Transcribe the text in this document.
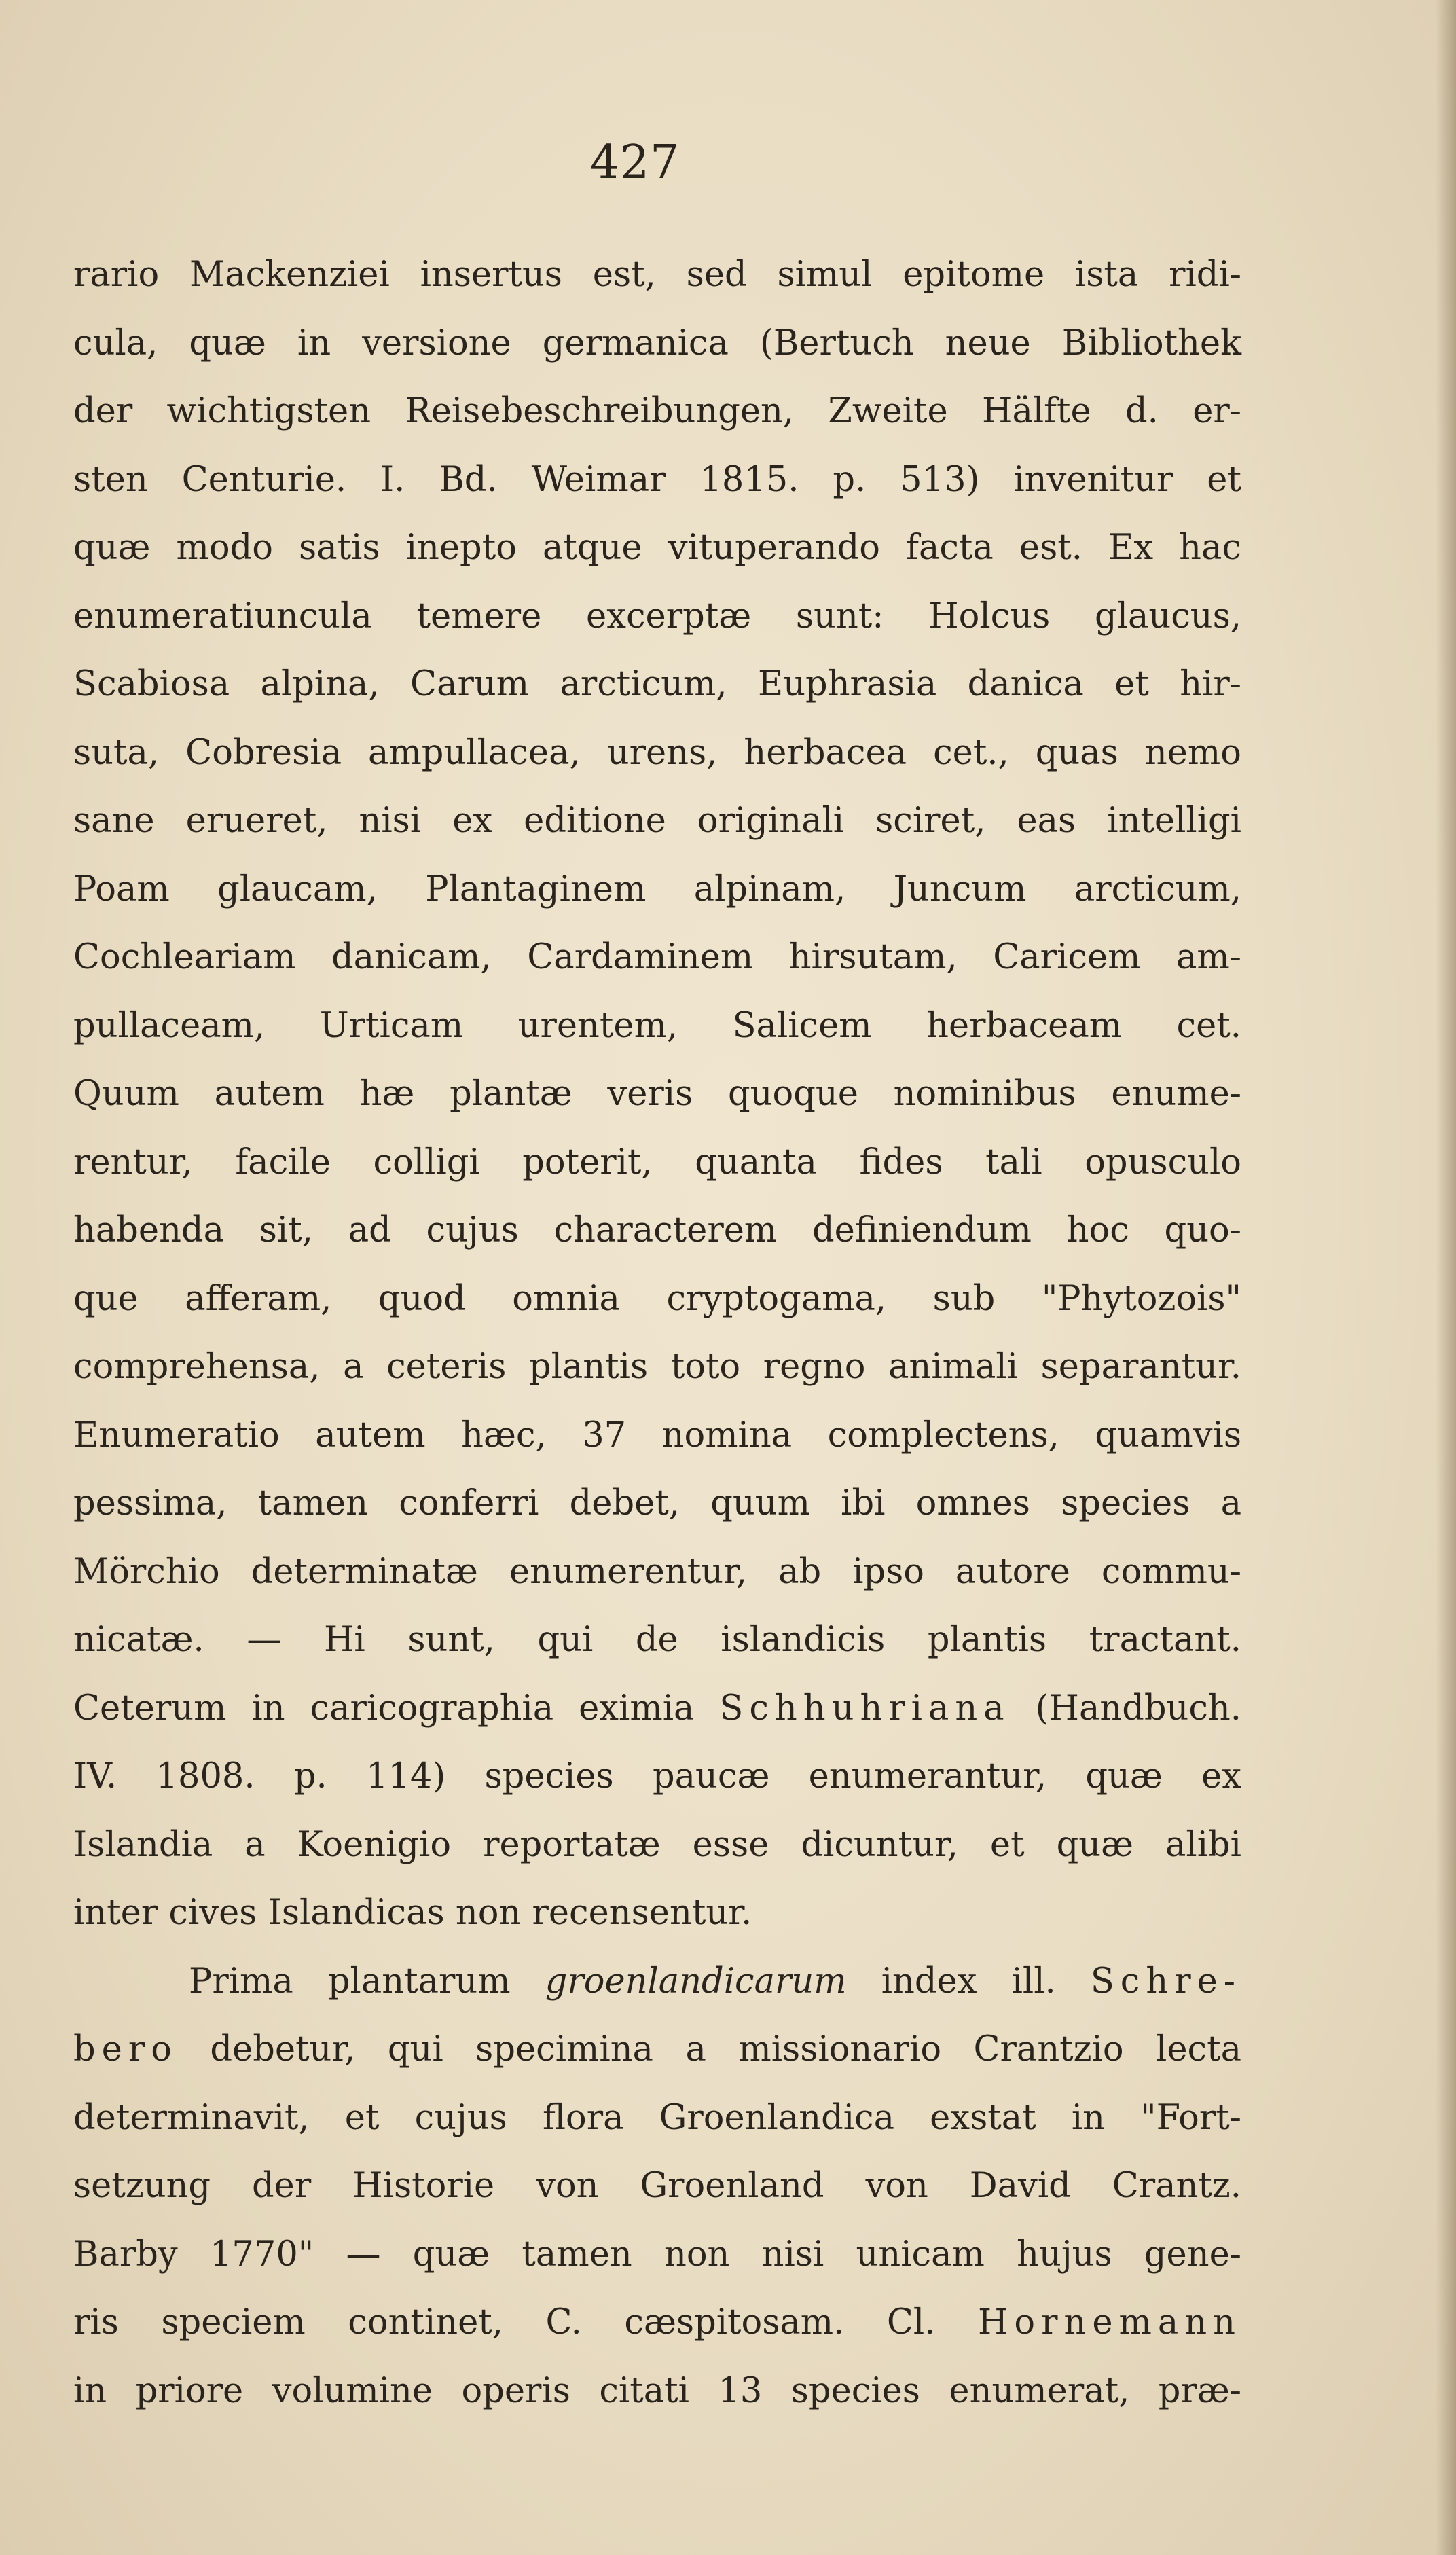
427
rario Mackenziei insertus est, sed simul epitome ista ridi-
cula, quæ in versione germanica (Bertuch neue Bibliothek
der wichtigsten Reisebeschreibungen, Zweite Hälfte d. er-
sten Centurie. I. Bd. Weimar 1815. p. 513) invenitur et
quæ modo satis inepto atque vituperando facta est. Ex hac
enumeratiuncula temere excerptæ sunt: Holcus glaucus,
Scabiosa alpina, Carum arcticum, Euphrasia danica et hir-
suta, Cobresia ampullacea, urens, herbacea cet., quas nemo
sane erueret, nisi ex editione originali sciret, eas intelligi
Poam glaucam, Plantaginem alpinam, Juncum arcticum,
Cochleariam danicam, Cardaminem hirsutam, Caricem am-
pullaceam, Urticam urentem, Salicem herbaceam cet.
Quum autem hæ plantæ veris quoque nominibus enume-
rentur, facile colligi poterit, quanta fides tali opusculo
habenda sit, ad cujus characterem definiendum hoc quo-
que afferam, quod omnia cryptogama, sub "Phytozois"
comprehensa, a ceteris plantis toto regno animali separantur.
Enumeratio autem hæc, 37 nomina complectens, quamvis
pessima, tamen conferri debet, quum ibi omnes species a
Mörchio determinatæ enumerentur, ab ipso autore commu-
nicatæ. — Hi sunt, qui de islandicis plantis tractant.
Ceterum in caricographia eximia Schhuhriana (Handbuch.
IV. 1808. p. 114) species paucæ enumerantur, quæ ex
Islandia a Koenigio reportatæ esse dicuntur, et quæ alibi
inter cives Islandicas non recensentur.
Prima plantarum groenlandicarum index ill. Schre-
bero debetur, qui specimina a missionario Crantzio lecta
determinavit, et cujus flora Groenlandica exstat in "Fort-
setzung der Historie von Groenland von David Crantz.
Barby 1770" — quæ tamen non nisi unicam hujus gene-
ris speciem continet, C. cæspitosam. Cl. Hornemann
in priore volumine operis citati 13 species enumerat, præ-
